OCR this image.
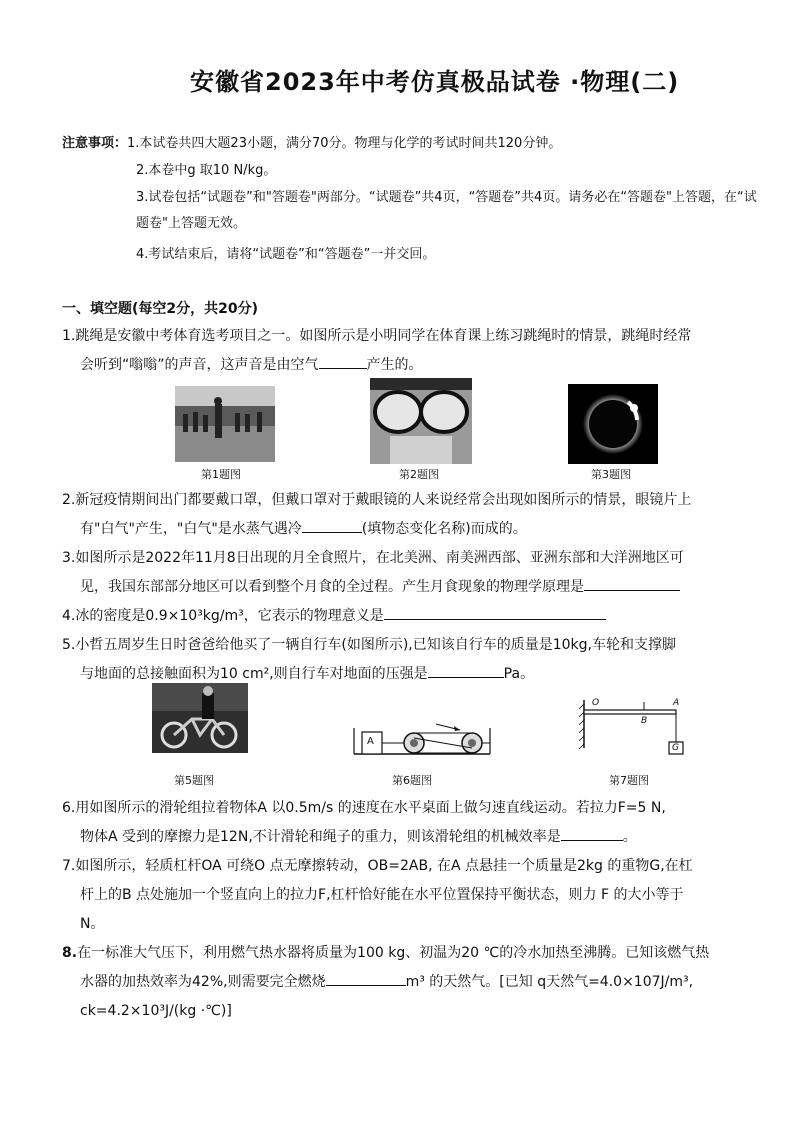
安徽省2023年中考仿真极品试卷 ·物理(二)
注意事项： 1.本试卷共四大题23小题，满分70分。物理与化学的考试时间共120分钟。
2.本卷中g 取10 N/kg。
3.试卷包括“试题卷”和"答题卷"两部分。“试题卷”共4页，“答题卷”共4页。请务必在“答题卷"上答题，在“试题卷"上答题无效。
4.考试结束后，请将“试题卷”和“答题卷”一并交回。
一、填空题(每空2分，共20分)
1.跳绳是安徽中考体育选考项目之一。如图所示是小明同学在体育课上练习跳绳时的情景，跳绳时经常
会听到“嗡嗡”的声音，这声音是由空气	产生的。
第1题图	第2题图	第3题图
2.新冠疫情期间出门都要戴口罩，但戴口罩对于戴眼镜的人来说经常会出现如图所示的情景，眼镜片上
有"白气"产生，"白气"是水蒸气遇冷	(填物态变化名称)而成的。
3.如图所示是2022年11月8日出现的月全食照片，在北美洲、南美洲西部、亚洲东部和大洋洲地区可
见，我国东部部分地区可以看到整个月食的全过程。产生月食现象的物理学原理是
4.冰的密度是0.9×10³kg/m³，它表示的物理意义是
5.小哲五周岁生日时爸爸给他买了一辆自行车(如图所示),已知该自行车的质量是10kg,车轮和支撑脚
与地面的总接触面积为10 cm²,则自行车对地面的压强是	Pa。
第5题图
A
第6题图
O
B
A
G
第7题图
6.用如图所示的滑轮组拉着物体A 以0.5m/s 的速度在水平桌面上做匀速直线运动。若拉力F=5 N,
物体A 受到的摩擦力是12N,不计滑轮和绳子的重力，则该滑轮组的机械效率是	。
7.如图所示，轻质杠杆OA 可绕O 点无摩擦转动，OB=2AB, 在A 点悬挂一个质量是2kg 的重物G,在杠
杆上的B 点处施加一个竖直向上的拉力F,杠杆恰好能在水平位置保持平衡状态，则力 F 的大小等于
N。
8.在一标准大气压下，利用燃气热水器将质量为100 kg、初温为20 ℃的冷水加热至沸腾。已知该燃气热
水器的加热效率为42%,则需要完全燃烧	m³ 的天然气。[已知 q天然气=4.0×107J/m³,
ck=4.2×10³J/(kg ·℃)]
